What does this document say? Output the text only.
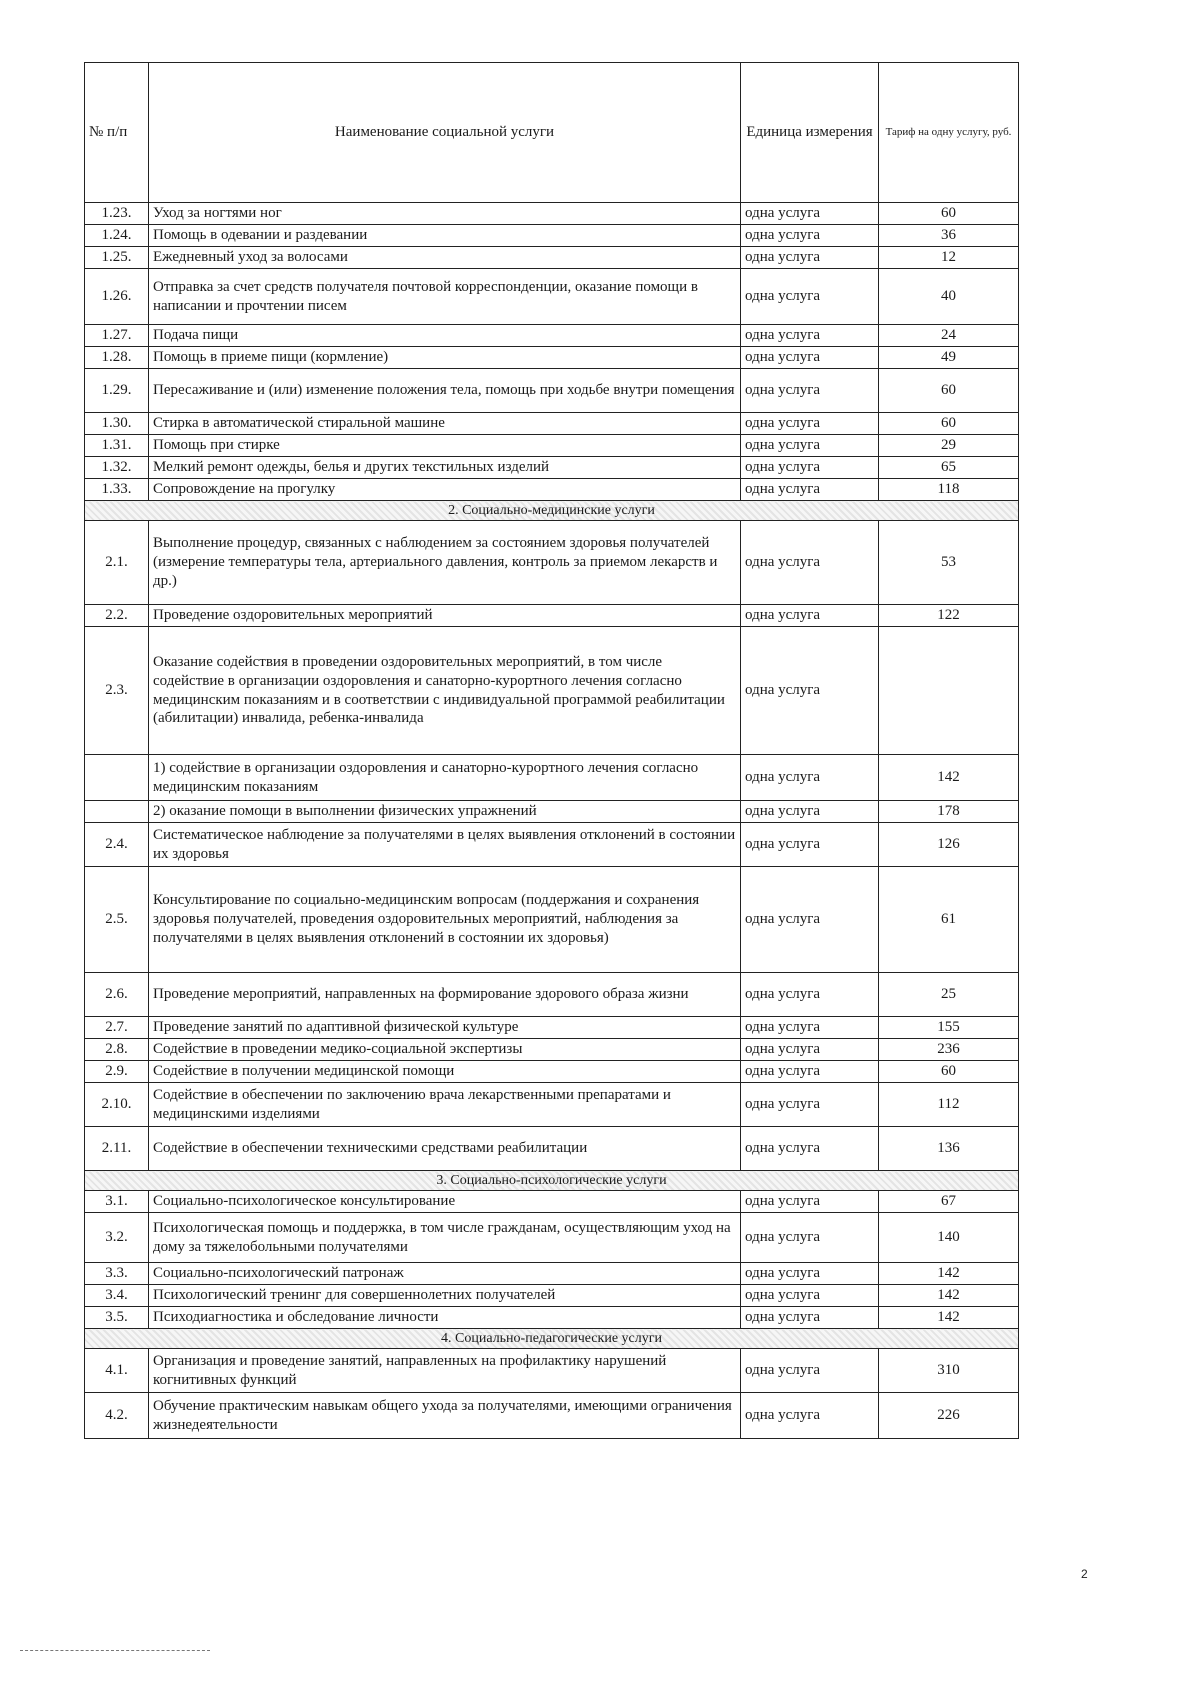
№ п/п	Наименование социальной услуги	Единица измерения	Тариф на одну услугу, руб.
1.23.	Уход за ногтями ног	одна услуга	60
1.24.	Помощь в одевании и раздевании	одна услуга	36
1.25.	Ежедневный уход за волосами	одна услуга	12
1.26.	Отправка за счет средств получателя почтовой корреспонденции, оказание помощи в написании и прочтении писем	одна услуга	40
1.27.	Подача пищи	одна услуга	24
1.28.	Помощь в приеме пищи (кормление)	одна услуга	49
1.29.	Пересаживание и (или) изменение положения тела, помощь при ходьбе внутри помещения	одна услуга	60
1.30.	Стирка в автоматической стиральной машине	одна услуга	60
1.31.	Помощь при стирке	одна услуга	29
1.32.	Мелкий ремонт одежды, белья и других текстильных изделий	одна услуга	65
1.33.	Сопровождение на прогулку	одна услуга	118
2. Социально-медицинские услуги			
2.1.	Выполнение процедур, связанных с наблюдением за состоянием здоровья получателей (измерение температуры тела, артериального давления, контроль за приемом лекарств и др.)	одна услуга	53
2.2.	Проведение оздоровительных мероприятий	одна услуга	122
2.3.	Оказание содействия в проведении оздоровительных мероприятий, в том числе содействие в организации оздоровления и санаторно-курортного лечения согласно медицинским показаниям и в соответствии с индивидуальной программой реабилитации (абилитации) инвалида, ребенка-инвалида	одна услуга	
	1) содействие в организации оздоровления и санаторно-курортного лечения согласно медицинским показаниям	одна услуга	142
	2) оказание помощи в выполнении физических упражнений	одна услуга	178
2.4.	Систематическое наблюдение за получателями в целях выявления отклонений в состоянии их здоровья	одна услуга	126
2.5.	Консультирование по социально-медицинским вопросам (поддержания и сохранения здоровья получателей, проведения оздоровительных мероприятий, наблюдения за получателями в целях выявления отклонений в состоянии их здоровья)	одна услуга	61
2.6.	Проведение мероприятий, направленных на формирование здорового образа жизни	одна услуга	25
2.7.	Проведение занятий по адаптивной физической культуре	одна услуга	155
2.8.	Содействие в проведении медико-социальной экспертизы	одна услуга	236
2.9.	Содействие в получении медицинской помощи	одна услуга	60
2.10.	Содействие в обеспечении по заключению врача лекарственными препаратами и медицинскими изделиями	одна услуга	112
2.11.	Содействие в обеспечении техническими средствами реабилитации	одна услуга	136
3. Социально-психологические услуги			
3.1.	Социально-психологическое консультирование	одна услуга	67
3.2.	Психологическая помощь и поддержка, в том числе гражданам, осуществляющим уход на дому за тяжелобольными получателями	одна услуга	140
3.3.	Социально-психологический патронаж	одна услуга	142
3.4.	Психологический тренинг для совершеннолетних получателей	одна услуга	142
3.5.	Психодиагностика и обследование личности	одна услуга	142
4. Социально-педагогические услуги			
4.1.	Организация и проведение занятий, направленных на профилактику нарушений когнитивных функций	одна услуга	310
4.2.	Обучение практическим навыкам общего ухода за получателями, имеющими ограничения жизнедеятельности	одна услуга	226
2
